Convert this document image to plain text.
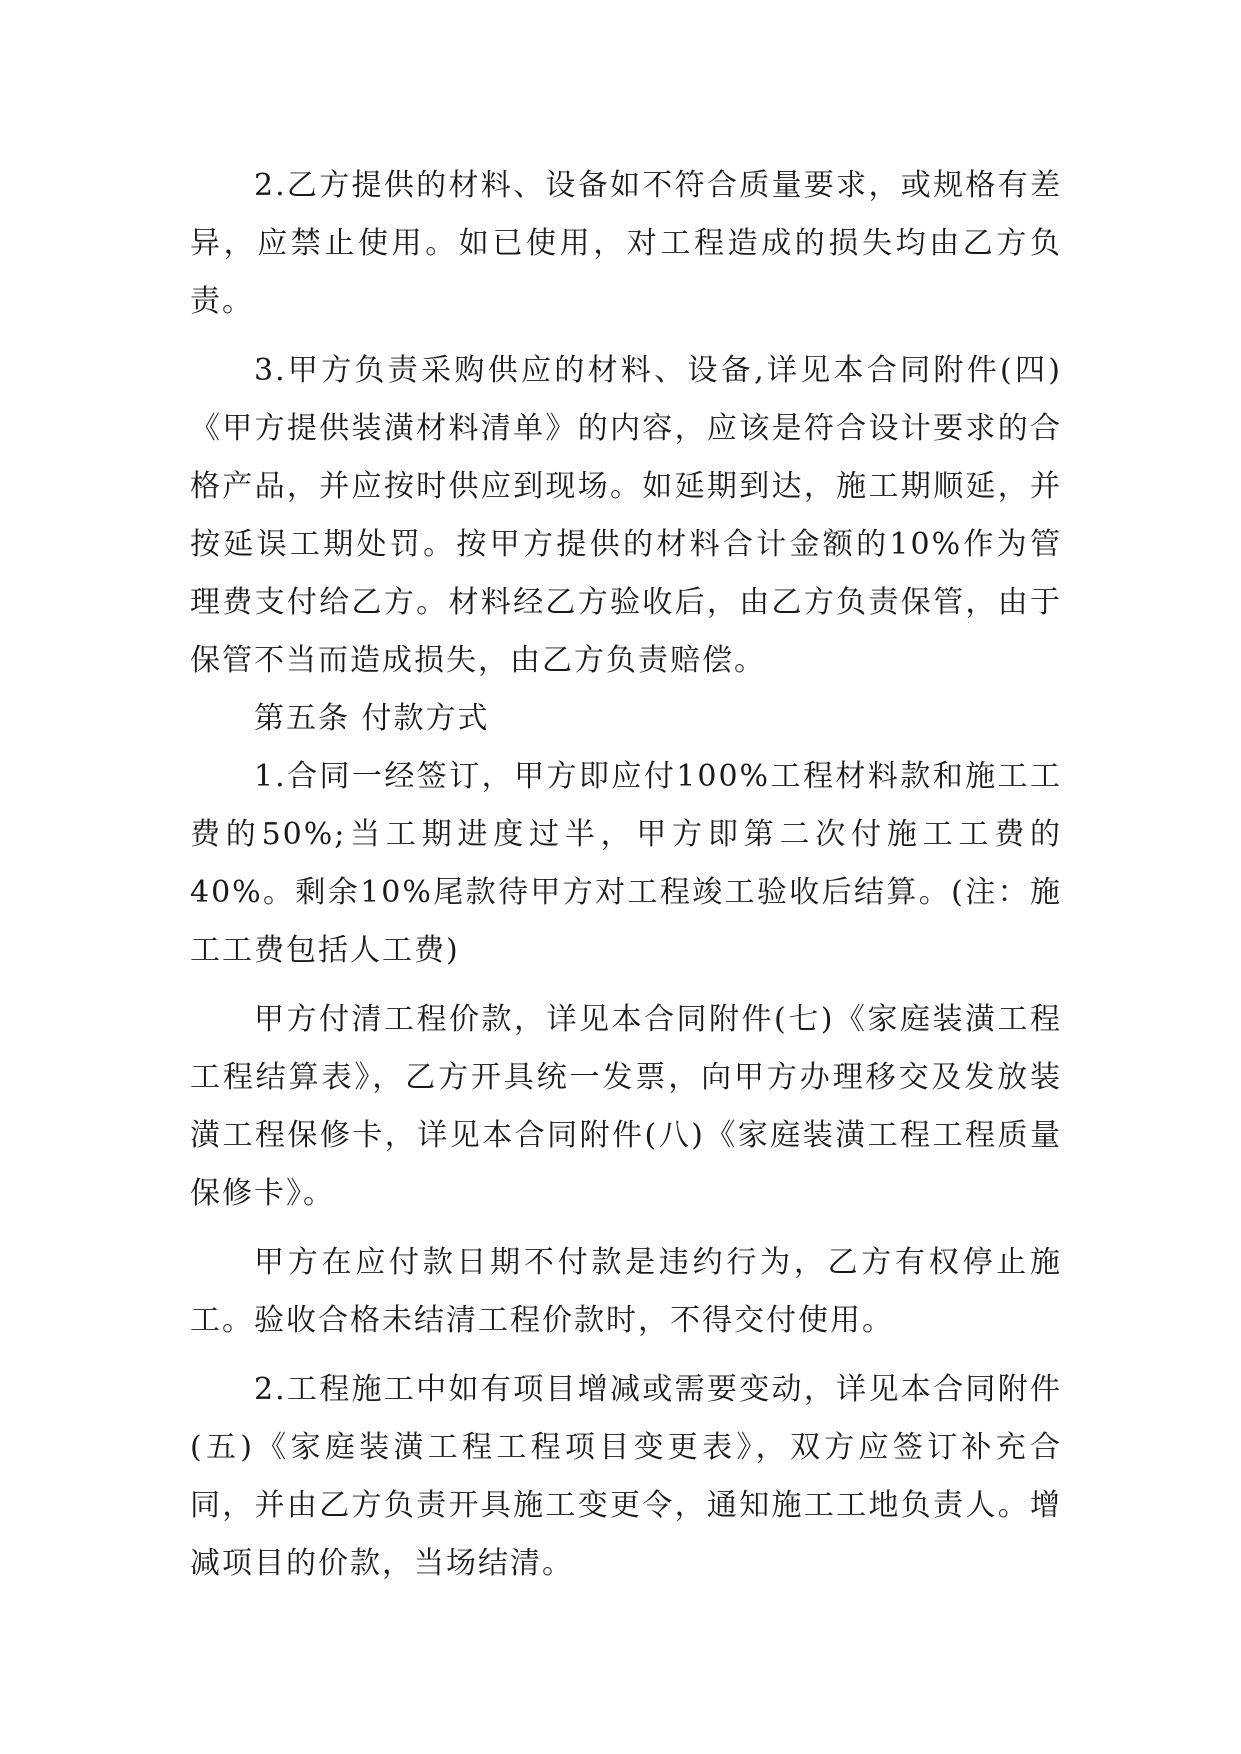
2.乙方提供的材料、设备如不符合质量要求，或规格有差异，应禁止使用。如已使用，对工程造成的损失均由乙方负责。

3.甲方负责采购供应的材料、设备,详见本合同附件(四)《甲方提供装潢材料清单》的内容，应该是符合设计要求的合格产品，并应按时供应到现场。如延期到达，施工期顺延，并按延误工期处罚。按甲方提供的材料合计金额的10%作为管理费支付给乙方。材料经乙方验收后，由乙方负责保管，由于保管不当而造成损失，由乙方负责赔偿。

第五条 付款方式

1.合同一经签订，甲方即应付100%工程材料款和施工工费的50%;当工期进度过半，甲方即第二次付施工工费的40%。剩余10%尾款待甲方对工程竣工验收后结算。(注：施工工费包括人工费)

甲方付清工程价款，详见本合同附件(七)《家庭装潢工程工程结算表》，乙方开具统一发票，向甲方办理移交及发放装潢工程保修卡，详见本合同附件(八)《家庭装潢工程工程质量保修卡》。

甲方在应付款日期不付款是违约行为，乙方有权停止施工。验收合格未结清工程价款时，不得交付使用。

2.工程施工中如有项目增减或需要变动，详见本合同附件(五)《家庭装潢工程工程项目变更表》，双方应签订补充合同，并由乙方负责开具施工变更令，通知施工工地负责人。增减项目的价款，当场结清。
